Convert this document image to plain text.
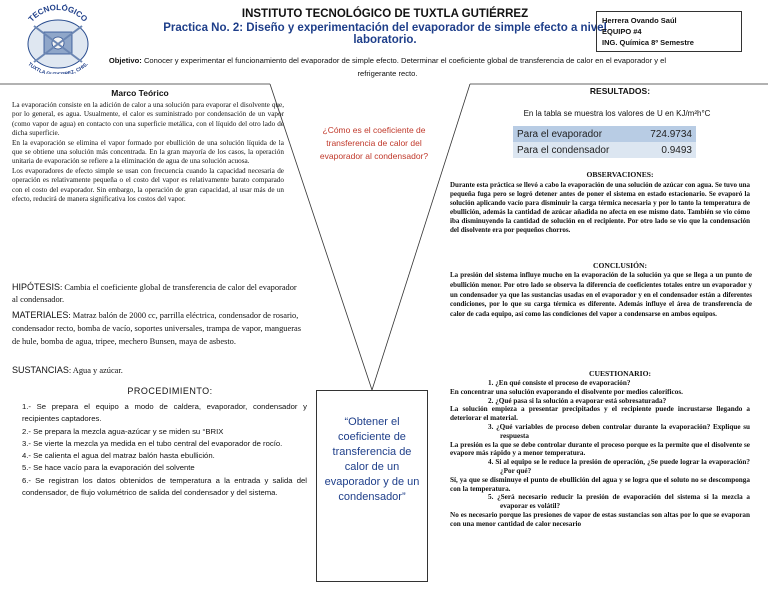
TECNOLÓGICO
TUXTLA G EZ, CHIS.
INSTITUTO TECNOLÓGICO DE TUXTLA GUTIÉRREZ
Practica No. 2: Diseño y experimentación del evaporador de simple efecto a nivel laboratorio.
Herrera Ovando Saúl
EQUIPO #4
ING. Química 8º Semestre
Objetivo: Conocer y experimentar el funcionamiento del evaporador de simple efecto. Determinar el coeficiente global de transferencia de calor en el evaporador y el refrigerante recto.
Marco Teórico
La evaporación consiste en la adición de calor a una solución para evaporar el disolvente que, por lo general, es agua. Usualmente, el calor es suministrado por condensación de un vapor (como vapor de agua) en contacto con una superficie metálica, con el líquido del otro lado de dicha superficie.
En la evaporación se elimina el vapor formado por ebullición de una solución líquida de la que se obtiene una solución más concentrada. En la gran mayoría de los casos, la operación unitaria de evaporación se refiere a la eliminación de agua de una solución acuosa.
Los evaporadores de efecto simple se usan con frecuencia cuando la capacidad necesaria de operación es relativamente pequeña o el costo del vapor es relativamente barato comparado con el costo del evaporador. Sin embargo, la operación de gran capacidad, al usar más de un efecto, reducirá de manera significativa los costos del vapor.
HIPÓTESIS: Cambia el coeficiente global de transferencia de calor del evaporador al condensador.
MATERIALES: Matraz balón de 2000 cc, parrilla eléctrica, condensador de rosario, condensador recto, bomba de vacío, soportes universales, trampa de vapor, mangueras de hule, bomba de agua, tripee, mechero Bunsen, maya de asbesto.
SUSTANCIAS: Agua y azúcar.
PROCEDIMIENTO:
1.- Se prepara el equipo a modo de caldera, evaporador, condensador y recipientes captadores.
2.- Se prepara la mezcla agua-azúcar y se miden su °BRIX
3.- Se vierte la mezcla ya medida en el tubo central del evaporador de rocío.
4.- Se calienta el agua del matraz balón hasta ebullición.
5.- Se hace vacío para la evaporación del solvente
6.- Se registran los datos obtenidos de temperatura a la entrada y salida del condensador, de flujo volumétrico de salida del condensador y del sistema.
¿Cómo es el coeficiente de transferencia de calor del evaporador al condensador?
“Obtener el coeficiente de transferencia de calor de un evaporador y de un condensador”
RESULTADOS:
En la tabla se muestra los valores de U en KJ/m²h°C
Para el evaporador	724.9734
Para el condensador	0.9493
OBSERVACIONES:
Durante esta práctica se llevó a cabo la evaporación de una solución de azúcar con agua. Se tuvo una pequeña fuga pero se logró detener antes de poner el sistema en estado estacionario. Se evaporó la solución aplicando vacío para disminuir la carga térmica necesaria y por lo tanto la temperatura de ebullición, además la cantidad de azúcar añadida no afecta en ese mismo dato. También se vio cómo iba disminuyendo la cantidad de solución en el recipiente. Por otro lado se vio que la condensación del disolvente era por pequeños chorros.
CONCLUSIÓN:
La presión del sistema influye mucho en la evaporación de la solución ya que se llega a un punto de ebullición menor. Por otro lado se observa la diferencia de coeficientes totales entre un evaporador y un condensador ya que las sustancias usadas en el evaporador y en el condensador están a diferentes condiciones, por lo que su carga térmica es diferente. Además influye el área de transferencia de calor de cada equipo, así como las condiciones del vapor a condensarse en ambos equipos.
CUESTIONARIO:
1. ¿En qué consiste el proceso de evaporación?
En concentrar una solución evaporando el disolvente por medios caloríficos.
2. ¿Qué pasa si la solución a evaporar está sobresaturada?
La solución empieza a presentar precipitados y el recipiente puede incrustarse llegando a deteriorar el material.
3. ¿Qué variables de proceso deben controlar durante la evaporación? Explique su respuesta
La presión es la que se debe controlar durante el proceso porque es la permite que el disolvente se evapore más rápido y a menor temperatura.
4. Si al equipo se le reduce la presión de operación, ¿Se puede lograr la evaporación? ¿Por qué?
Sí, ya que se disminuye el punto de ebullición del agua y se logra que el soluto no se descomponga con la temperatura.
5. ¿Será necesario reducir la presión de evaporación del sistema si la mezcla a evaporar es volátil?
No es necesario porque las presiones de vapor de estas sustancias son altas por lo que se evaporan con una menor cantidad de calor necesario
